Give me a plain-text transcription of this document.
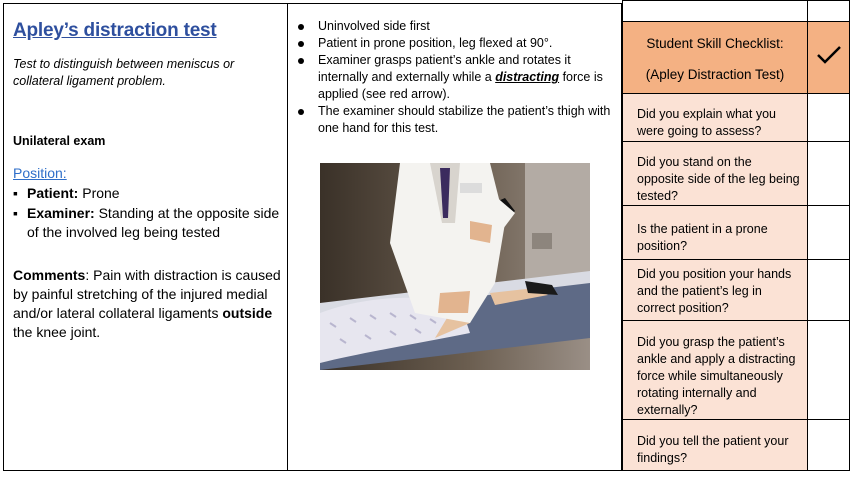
Apley’s distraction test
Test to distinguish between meniscus or collateral ligament problem.
Unilateral exam
Position:
▪ Patient: Prone
▪ Examiner: Standing at the opposite side of the involved leg being tested
Comments: Pain with distraction is caused by painful stretching of the injured medial and/or lateral collateral ligaments outside the knee joint.
Uninvolved side first
Patient in prone position, leg flexed at 90°.
Examiner grasps patient’s ankle and rotates it internally and externally while a distracting force is applied (see red arrow).
The examiner should stabilize the patient’s thigh with one hand for this test.
Student Skill Checklist:
(Apley Distraction Test)
Did you explain what you were going to assess?
Did you stand on the opposite side of the leg being tested?
Is the patient in a prone position?
Did you position your hands and the patient’s leg in correct position?
Did you grasp the patient’s ankle and apply a distracting force while simultaneously rotating internally and externally?
Did you tell the patient your findings?
